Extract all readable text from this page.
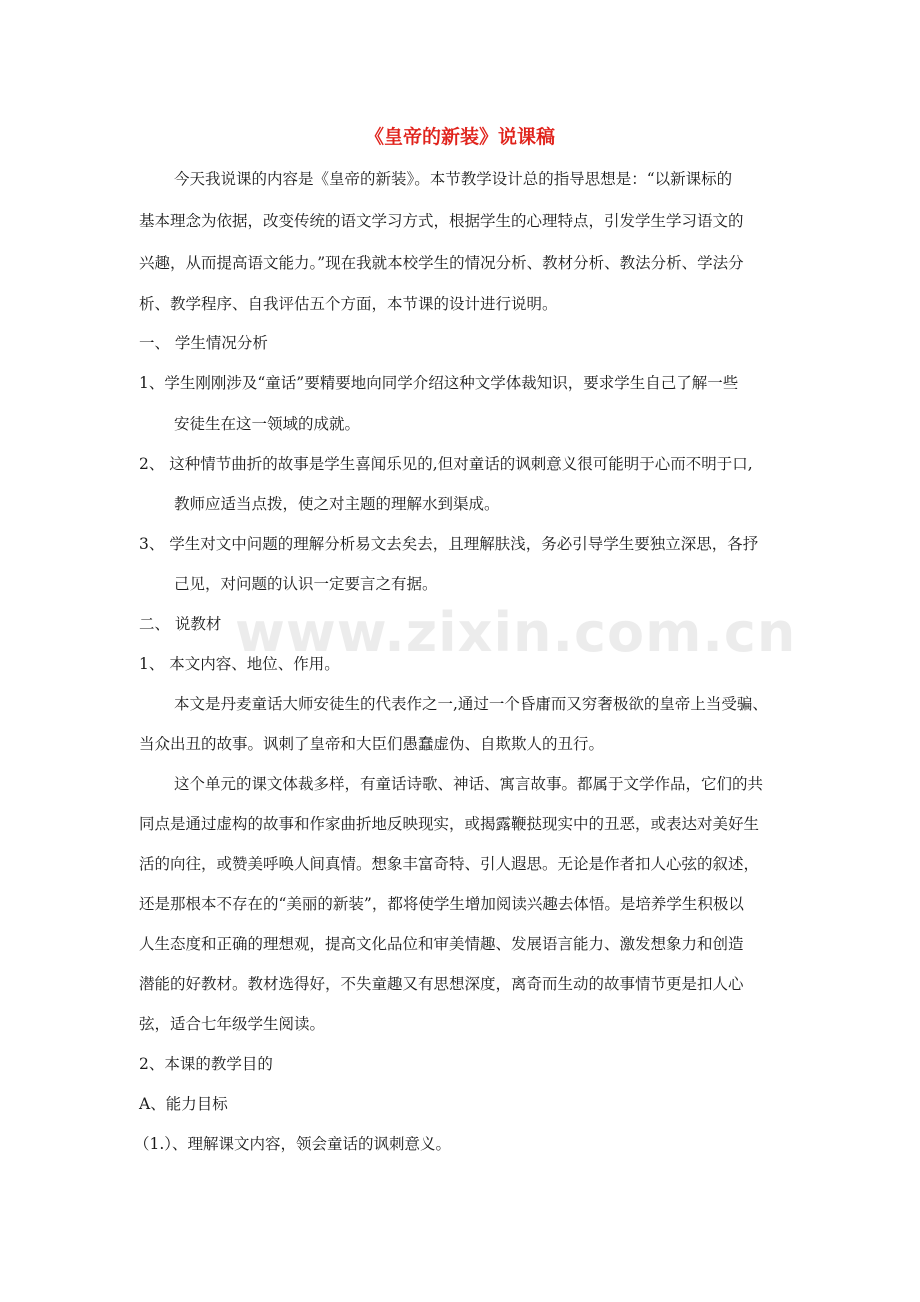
《皇帝的新装》说课稿
www.zixin.com.cn
今天我说课的内容是《皇帝的新装》。本节教学设计总的指导思想是：“以新课标的
基本理念为依据，改变传统的语文学习方式，根据学生的心理特点，引发学生学习语文的
兴趣，从而提高语文能力。”现在我就本校学生的情况分析、教材分析、教法分析、学法分
析、教学程序、自我评估五个方面，本节课的设计进行说明。
一、 学生情况分析
1、学生刚刚涉及“童话”要精要地向同学介绍这种文学体裁知识，要求学生自己了解一些
安徒生在这一领域的成就。
2、 这种情节曲折的故事是学生喜闻乐见的,但对童话的讽刺意义很可能明于心而不明于口,
教师应适当点拨，使之对主题的理解水到渠成。
3、 学生对文中问题的理解分析易文去矣去，且理解肤浅，务必引导学生要独立深思，各抒
己见，对问题的认识一定要言之有据。
二、 说教材
1、 本文内容、地位、作用。
本文是丹麦童话大师安徒生的代表作之一,通过一个昏庸而又穷奢极欲的皇帝上当受骗、
当众出丑的故事。讽刺了皇帝和大臣们愚蠢虚伪、自欺欺人的丑行。
这个单元的课文体裁多样，有童话诗歌、神话、寓言故事。都属于文学作品，它们的共
同点是通过虚构的故事和作家曲折地反映现实，或揭露鞭挞现实中的丑恶，或表达对美好生
活的向往，或赞美呼唤人间真情。想象丰富奇特、引人遐思。无论是作者扣人心弦的叙述，
还是那根本不存在的“美丽的新装”，都将使学生增加阅读兴趣去体悟。是培养学生积极以
人生态度和正确的理想观，提高文化品位和审美情趣、发展语言能力、激发想象力和创造
潜能的好教材。教材选得好，不失童趣又有思想深度，离奇而生动的故事情节更是扣人心
弦，适合七年级学生阅读。
2、本课的教学目的
A、能力目标
（1.）、理解课文内容，领会童话的讽刺意义。
